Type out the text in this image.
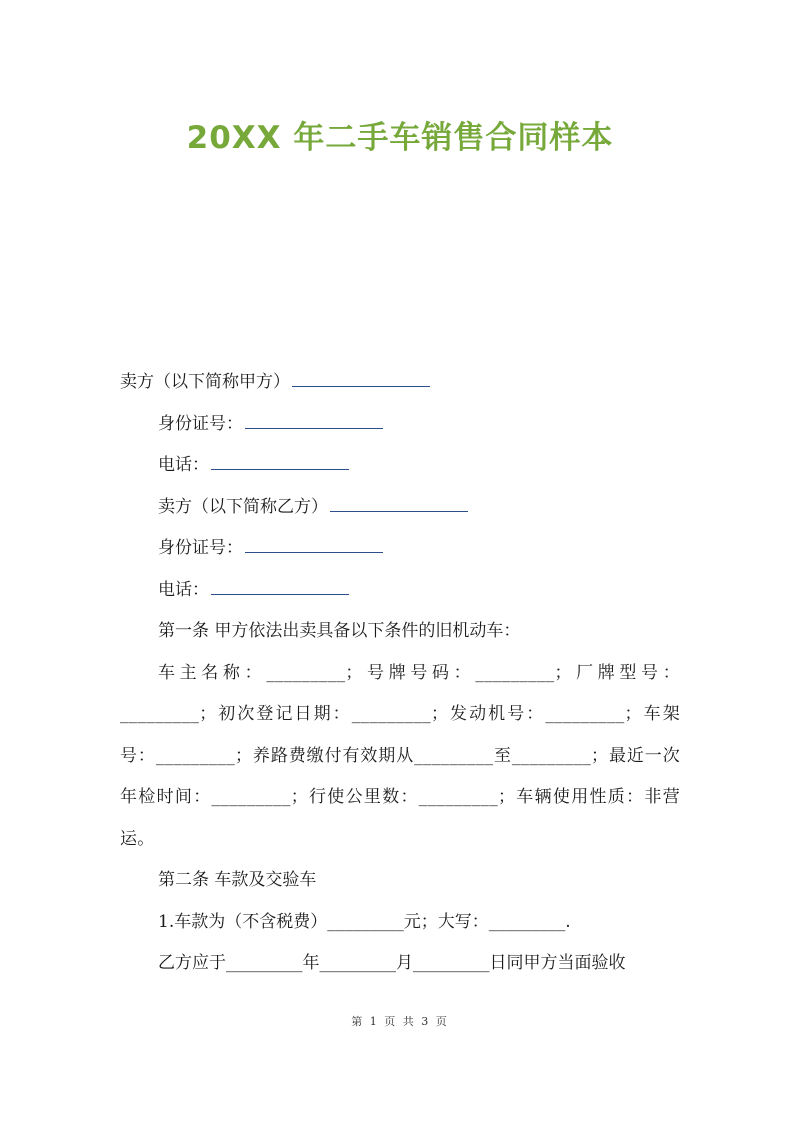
20XX 年二手车销售合同样本
卖方（以下简称甲方）
身份证号：
电话：
卖方（以下简称乙方）
身份证号：
电话：
第一条 甲方依法出卖具备以下条件的旧机动车：
车主名称：_________；号牌号码：_________；厂牌型号：_________；初次登记日期：_________；发动机号：_________；车架号：_________；养路费缴付有效期从_________至_________；最近一次年检时间：_________；行使公里数：_________；车辆使用性质：非营运。
第二条 车款及交验车
1.车款为（不含税费）_________元；大写：_________.
乙方应于_________年_________月_________日同甲方当面验收
第 1 页 共 3 页
